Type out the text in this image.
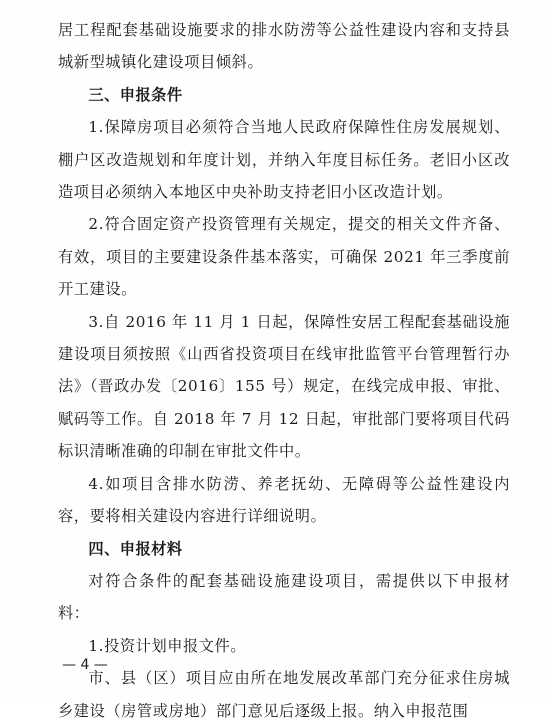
居工程配套基础设施要求的排水防涝等公益性建设内容和支持县城新型城镇化建设项目倾斜。

三、申报条件

1.保障房项目必须符合当地人民政府保障性住房发展规划、棚户区改造规划和年度计划，并纳入年度目标任务。老旧小区改造项目必须纳入本地区中央补助支持老旧小区改造计划。

2.符合固定资产投资管理有关规定，提交的相关文件齐备、有效，项目的主要建设条件基本落实，可确保 2021 年三季度前开工建设。

3.自 2016 年 11 月 1 日起，保障性安居工程配套基础设施建设项目须按照《山西省投资项目在线审批监管平台管理暂行办法》（晋政办发〔2016〕155 号）规定，在线完成申报、审批、赋码等工作。自 2018 年 7 月 12 日起，审批部门要将项目代码标识清晰准确的印制在审批文件中。

4.如项目含排水防涝、养老抚幼、无障碍等公益性建设内容，要将相关建设内容进行详细说明。

四、申报材料

对符合条件的配套基础设施建设项目，需提供以下申报材料：

1.投资计划申报文件。

市、县（区）项目应由所在地发展改革部门充分征求住房城乡建设（房管或房地）部门意见后逐级上报。纳入申报范围

— 4 —
